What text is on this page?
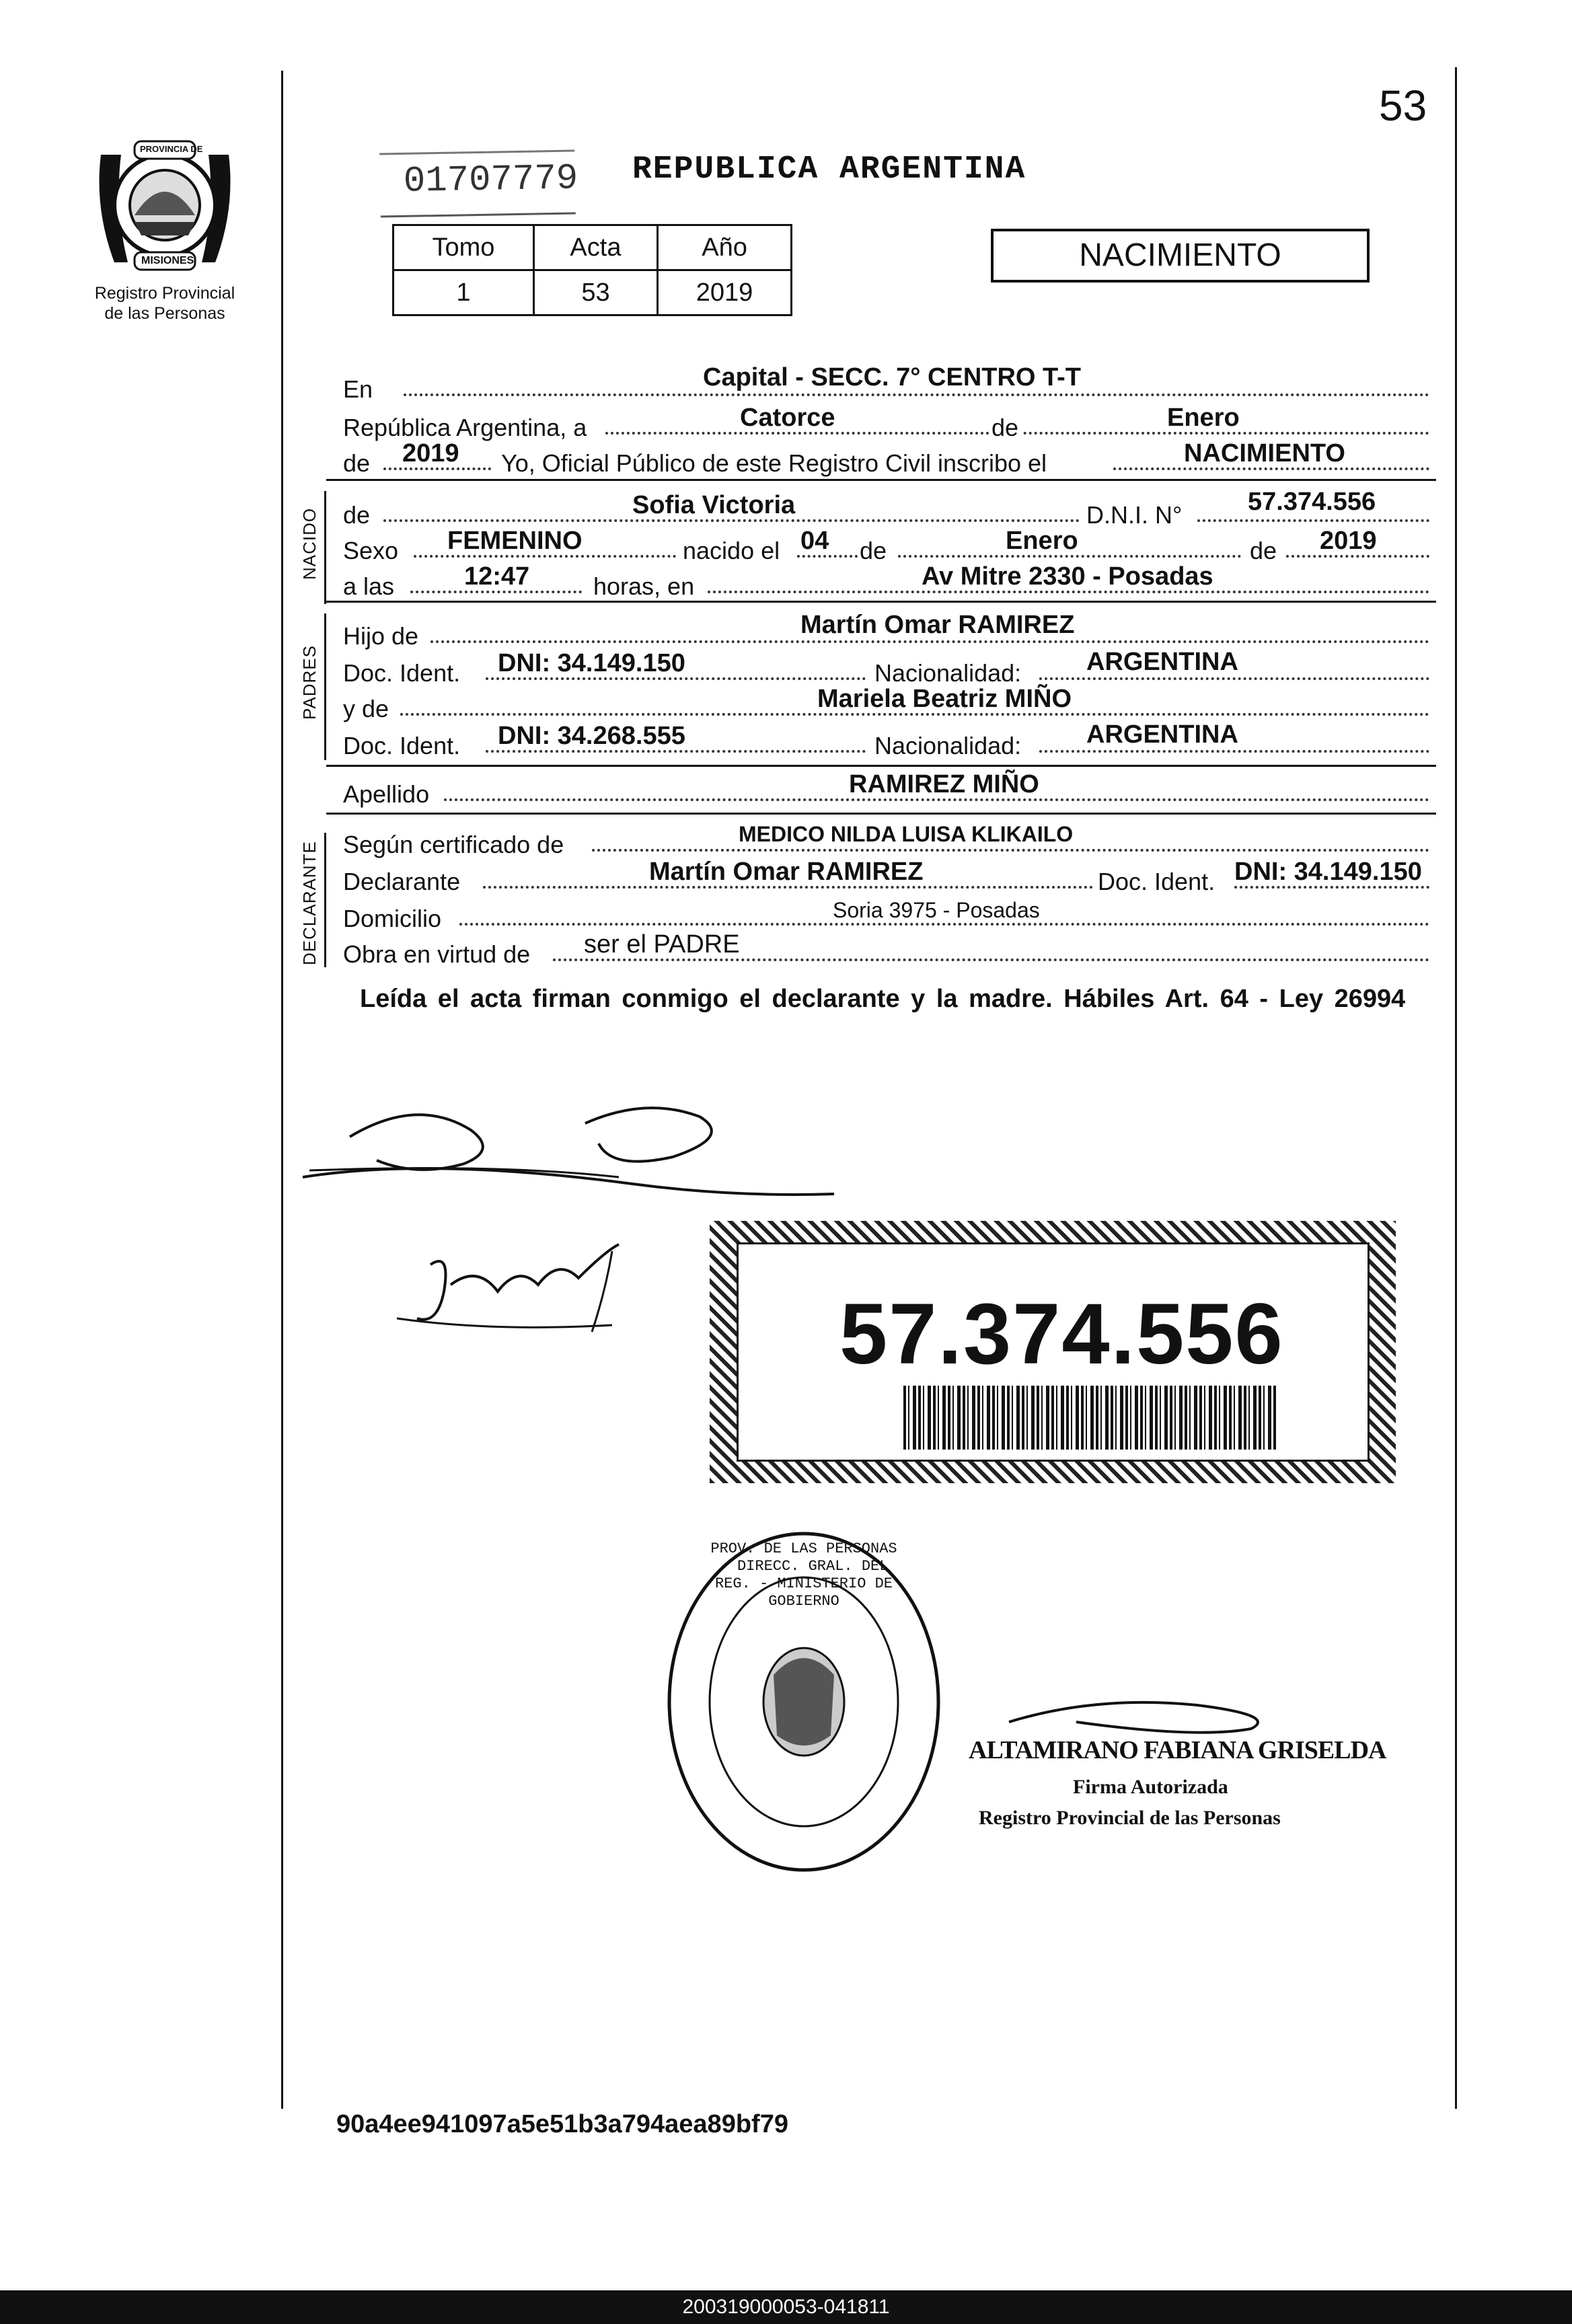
53
PROVINCIA DE
MISIONES
Registro Provincial
de las Personas
01707779 REPUBLICA ARGENTINA
Tomo	Acta	Año
1	53	2019
NACIMIENTO
En	Capital - SECC. 7° CENTRO T-T
República Argentina, a	Catorce	de	Enero
de 2019 Yo, Oficial Público de este Registro Civil inscribo el	NACIMIENTO
NACIDO de	Sofia Victoria	D.N.I. N°	57.374.556
Sexo FEMENINO	nacido el 04 de	Enero	de 2019
a las	12:47	horas, en	Av Mitre 2330 - Posadas
PADRES
Hijo de	Martín Omar RAMIREZ
Doc. Ident. DNI: 34.149.150	Nacionalidad:	ARGENTINA
y de	Mariela Beatriz MIÑO
Doc. Ident. DNI: 34.268.555	Nacionalidad:	ARGENTINA
Apellido	RAMIREZ MIÑO
DECLARANTE Según certificado de	MEDICO NILDA LUISA KLIKAILO
Declarante	Martín Omar RAMIREZ	Doc. Ident. DNI: 34.149.150
Domicilio	Soria 3975 - Posadas
Obra en virtud de ser el PADRE
Leída el acta firman conmigo el declarante y la madre. Hábiles Art. 64 - Ley 26994
57.374.556
PROV. DE LAS PERSONAS - DIRECC. GRAL. DEL REG. - MINISTERIO DE GOBIERNO
ALTAMIRANO FABIANA GRISELDA
Firma Autorizada
Registro Provincial de las Personas
90a4ee941097a5e51b3a794aea89bf79
200319000053-041811
